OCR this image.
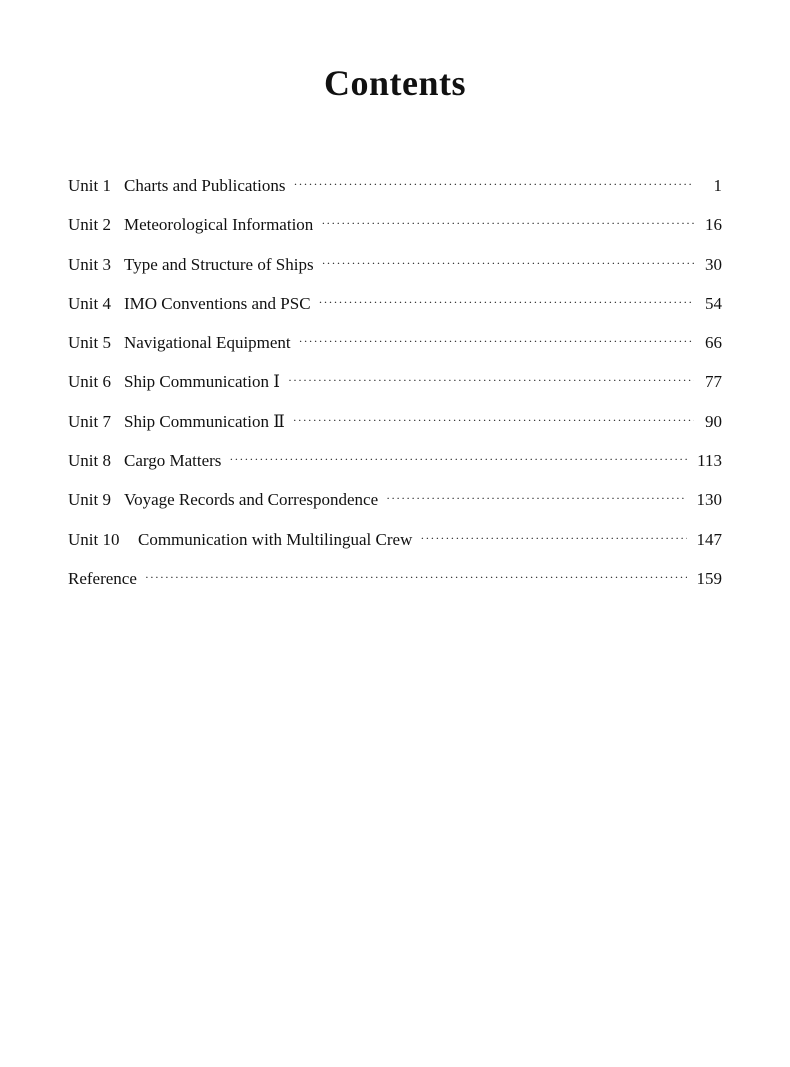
Contents
Unit 1 Charts and Publications ·····	1
Unit 2 Meteorological Information ·····	16
Unit 3 Type and Structure of Ships ·····	30
Unit 4 IMO Conventions and PSC ·····	54
Unit 5 Navigational Equipment ·····	66
Unit 6 Ship Communication Ⅰ ·····	77
Unit 7 Ship Communication Ⅱ ·····	90
Unit 8 Cargo Matters ·····	113
Unit 9 Voyage Records and Correspondence ·····	130
Unit 10	Communication with Multilingual Crew ·····	147
Reference ·····	159
